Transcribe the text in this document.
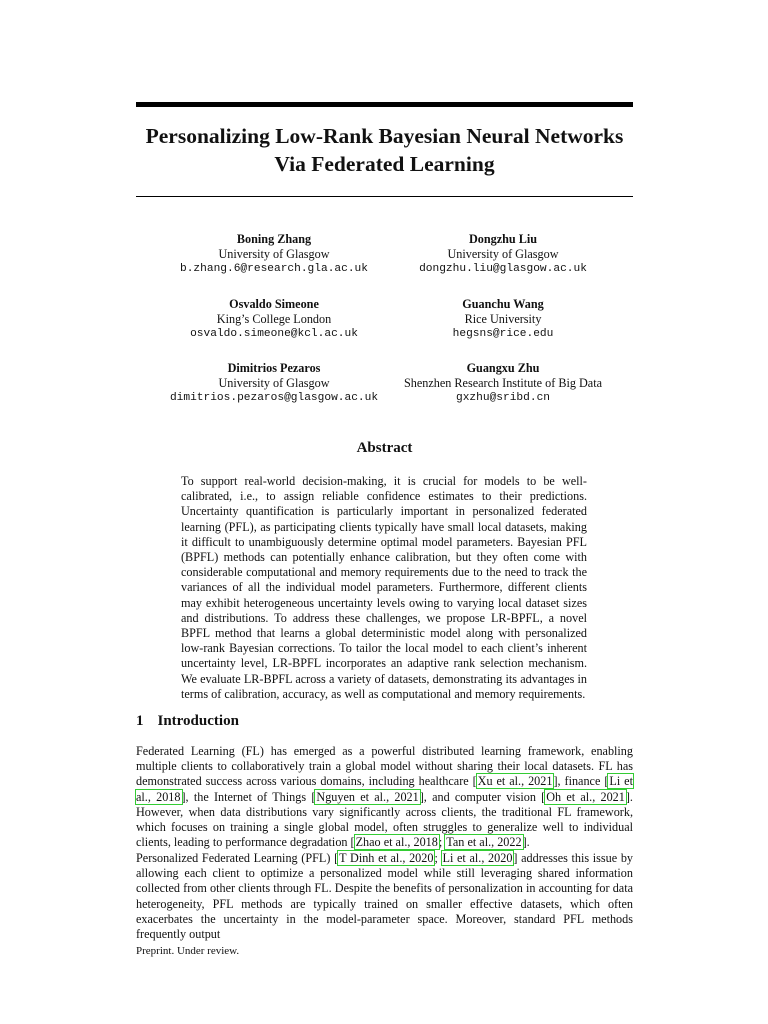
Personalizing Low-Rank Bayesian Neural Networks Via Federated Learning
Boning Zhang
University of Glasgow
b.zhang.6@research.gla.ac.uk
Dongzhu Liu
University of Glasgow
dongzhu.liu@glasgow.ac.uk
Osvaldo Simeone
King’s College London
osvaldo.simeone@kcl.ac.uk
Guanchu Wang
Rice University
hegsns@rice.edu
Dimitrios Pezaros
University of Glasgow
dimitrios.pezaros@glasgow.ac.uk
Guangxu Zhu
Shenzhen Research Institute of Big Data
gxzhu@sribd.cn
Abstract

To support real-world decision-making, it is crucial for models to be well-calibrated, i.e., to assign reliable confidence estimates to their predictions. Uncertainty quantification is particularly important in personalized federated learning (PFL), as participating clients typically have small local datasets, making it difficult to unambiguously determine optimal model parameters. Bayesian PFL (BPFL) methods can potentially enhance calibration, but they often come with considerable computational and memory requirements due to the need to track the variances of all the individual model parameters. Furthermore, different clients may exhibit heterogeneous uncertainty levels owing to varying local dataset sizes and distributions. To address these challenges, we propose LR-BPFL, a novel BPFL method that learns a global deterministic model along with personalized low-rank Bayesian corrections. To tailor the local model to each client’s inherent uncertainty level, LR-BPFL incorporates an adaptive rank selection mechanism. We evaluate LR-BPFL across a variety of datasets, demonstrating its advantages in terms of calibration, accuracy, as well as computational and memory requirements.

1 Introduction

Federated Learning (FL) has emerged as a powerful distributed learning framework, enabling multiple clients to collaboratively train a global model without sharing their local datasets. FL has demonstrated success across various domains, including healthcare [Xu et al., 2021], finance [Li et al., 2018], the Internet of Things [Nguyen et al., 2021], and computer vision [Oh et al., 2021]. However, when data distributions vary significantly across clients, the traditional FL framework, which focuses on training a single global model, often struggles to generalize well to individual clients, leading to performance degradation [Zhao et al., 2018; Tan et al., 2022].

Personalized Federated Learning (PFL) [T Dinh et al., 2020; Li et al., 2020] addresses this issue by allowing each client to optimize a personalized model while still leveraging shared information collected from other clients through FL. Despite the benefits of personalization in accounting for data heterogeneity, PFL methods are typically trained on smaller effective datasets, which often exacerbates the uncertainty in the model-parameter space. Moreover, standard PFL methods frequently output

Preprint. Under review.
